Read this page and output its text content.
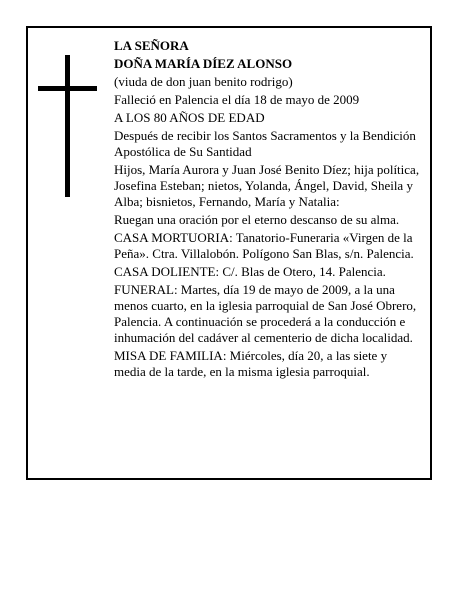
LA SEÑORA

DOÑA MARÍA DÍEZ ALONSO

(viuda de don juan benito rodrigo)

Falleció en Palencia el día 18 de mayo de 2009

A LOS 80 AÑOS DE EDAD

Después de recibir los Santos Sacramentos y la Bendición Apostólica de Su Santidad

Hijos, María Aurora y Juan José Benito Díez; hija política, Josefina Esteban; nietos, Yolanda, Ángel, David, Sheila y Alba; bisnietos, Fernando, María y Natalia:

Ruegan una oración por el eterno descanso de su alma.

CASA MORTUORIA: Tanatorio-Funeraria «Virgen de la Peña». Ctra. Villalobón. Polígono San Blas, s/n. Palencia.

CASA DOLIENTE: C/. Blas de Otero, 14. Palencia.

FUNERAL: Martes, día 19 de mayo de 2009, a la una menos cuarto, en la iglesia parroquial de San José Obrero, Palencia. A continuación se procederá a la conducción e inhumación del cadáver al cementerio de dicha localidad.

MISA DE FAMILIA: Miércoles, día 20, a las siete y media de la tarde, en la misma iglesia parroquial.
